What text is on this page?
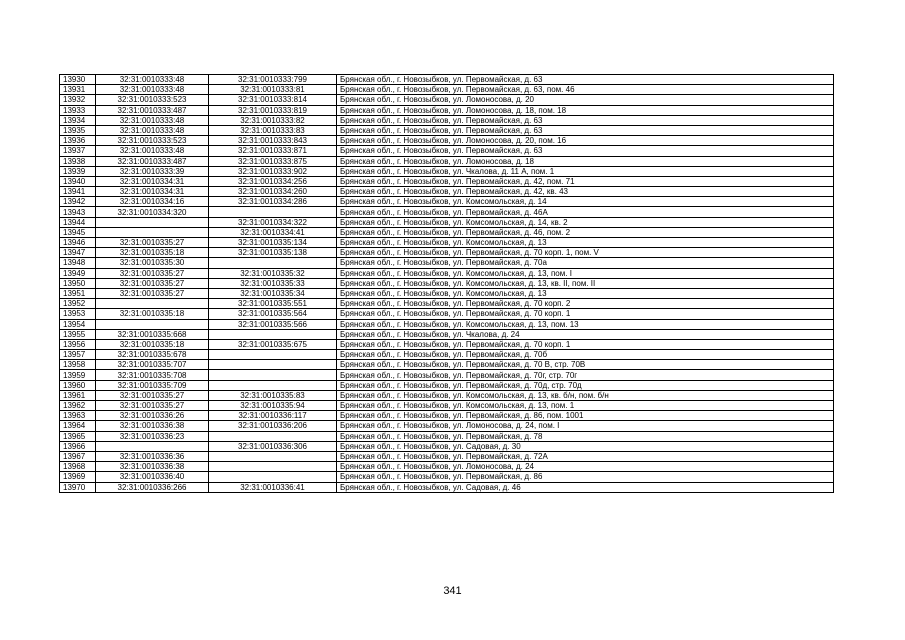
13930	32:31:0010333:48	32:31:0010333:799	Брянская обл., г. Новозыбков, ул. Первомайская, д. 63
13931	32:31:0010333:48	32:31:0010333:81	Брянская обл., г. Новозыбков, ул. Первомайская, д. 63, пом. 46
13932	32:31:0010333:523	32:31:0010333:814	Брянская обл., г. Новозыбков, ул. Ломоносова, д. 20
13933	32:31:0010333:487	32:31:0010333:819	Брянская обл., г. Новозыбков, ул. Ломоносова, д. 18, пом. 18
13934	32:31:0010333:48	32:31:0010333:82	Брянская обл., г. Новозыбков, ул. Первомайская, д. 63
13935	32:31:0010333:48	32:31:0010333:83	Брянская обл., г. Новозыбков, ул. Первомайская, д. 63
13936	32:31:0010333:523	32:31:0010333:843	Брянская обл., г. Новозыбков, ул. Ломоносова, д. 20, пом. 16
13937	32:31:0010333:48	32:31:0010333:871	Брянская обл., г. Новозыбков, ул. Первомайская, д. 63
13938	32:31:0010333:487	32:31:0010333:875	Брянская обл., г. Новозыбков, ул. Ломоносова, д. 18
13939	32:31:0010333:39	32:31:0010333:902	Брянская обл., г. Новозыбков, ул. Чкалова, д. 11 А, пом. 1
13940	32:31:0010334:31	32:31:0010334:256	Брянская обл., г. Новозыбков, ул. Первомайская, д. 42, пом. 71
13941	32:31:0010334:31	32:31:0010334:260	Брянская обл., г. Новозыбков, ул. Первомайская, д. 42, кв. 43
13942	32:31:0010334:16	32:31:0010334:286	Брянская обл., г. Новозыбков, ул. Комсомольская, д. 14
13943	32:31:0010334:320		Брянская обл., г. Новозыбков, ул. Первомайская, д. 46А
13944		32:31:0010334:322	Брянская обл., г. Новозыбков, ул. Комсомольская, д. 14, кв. 2
13945		32:31:0010334:41	Брянская обл., г. Новозыбков, ул. Первомайская, д. 46, пом. 2
13946	32:31:0010335:27	32:31:0010335:134	Брянская обл., г. Новозыбков, ул. Комсомольская, д. 13
13947	32:31:0010335:18	32:31:0010335:138	Брянская обл., г. Новозыбков, ул. Первомайская, д. 70 корп. 1, пом. V
13948	32:31:0010335:30		Брянская обл., г. Новозыбков, ул. Первомайская, д. 70а
13949	32:31:0010335:27	32:31:0010335:32	Брянская обл., г. Новозыбков, ул. Комсомольская, д. 13, пом. I
13950	32:31:0010335:27	32:31:0010335:33	Брянская обл., г. Новозыбков, ул. Комсомольская, д. 13, кв. II, пом. II
13951	32:31:0010335:27	32:31:0010335:34	Брянская обл., г. Новозыбков, ул. Комсомольская, д. 13
13952		32:31:0010335:551	Брянская обл., г. Новозыбков, ул. Первомайская, д. 70 корп. 2
13953	32:31:0010335:18	32:31:0010335:564	Брянская обл., г. Новозыбков, ул. Первомайская, д. 70 корп. 1
13954		32:31:0010335:566	Брянская обл., г. Новозыбков, ул. Комсомольская, д. 13, пом. 13
13955	32:31:0010335:668		Брянская обл., г. Новозыбков, ул. Чкалова, д. 24
13956	32:31:0010335:18	32:31:0010335:675	Брянская обл., г. Новозыбков, ул. Первомайская, д. 70 корп. 1
13957	32:31:0010335:678		Брянская обл., г. Новозыбков, ул. Первомайская, д. 70б
13958	32:31:0010335:707		Брянская обл., г. Новозыбков, ул. Первомайская, д. 70 В, стр. 70В
13959	32:31:0010335:708		Брянская обл., г. Новозыбков, ул. Первомайская, д. 70г, стр. 70г
13960	32:31:0010335:709		Брянская обл., г. Новозыбков, ул. Первомайская, д. 70д, стр. 70д
13961	32:31:0010335:27	32:31:0010335:83	Брянская обл., г. Новозыбков, ул. Комсомольская, д. 13, кв. б/н, пом. б/н
13962	32:31:0010335:27	32:31:0010335:94	Брянская обл., г. Новозыбков, ул. Комсомольская, д. 13, пом. 1
13963	32:31:0010336:26	32:31:0010336:117	Брянская обл., г. Новозыбков, ул. Первомайская, д. 86, пом. 1001
13964	32:31:0010336:38	32:31:0010336:206	Брянская обл., г. Новозыбков, ул. Ломоносова, д. 24, пом. I
13965	32:31:0010336:23		Брянская обл., г. Новозыбков, ул. Первомайская, д. 78
13966		32:31:0010336:306	Брянская обл., г. Новозыбков, ул. Садовая, д. 30
13967	32:31:0010336:36		Брянская обл., г. Новозыбков, ул. Первомайская, д. 72А
13968	32:31:0010336:38		Брянская обл., г. Новозыбков, ул. Ломоносова, д. 24
13969	32:31:0010336:40		Брянская обл., г. Новозыбков, ул. Первомайская, д. 86
13970	32:31:0010336:266	32:31:0010336:41	Брянская обл., г. Новозыбков, ул. Садовая, д. 46
341
